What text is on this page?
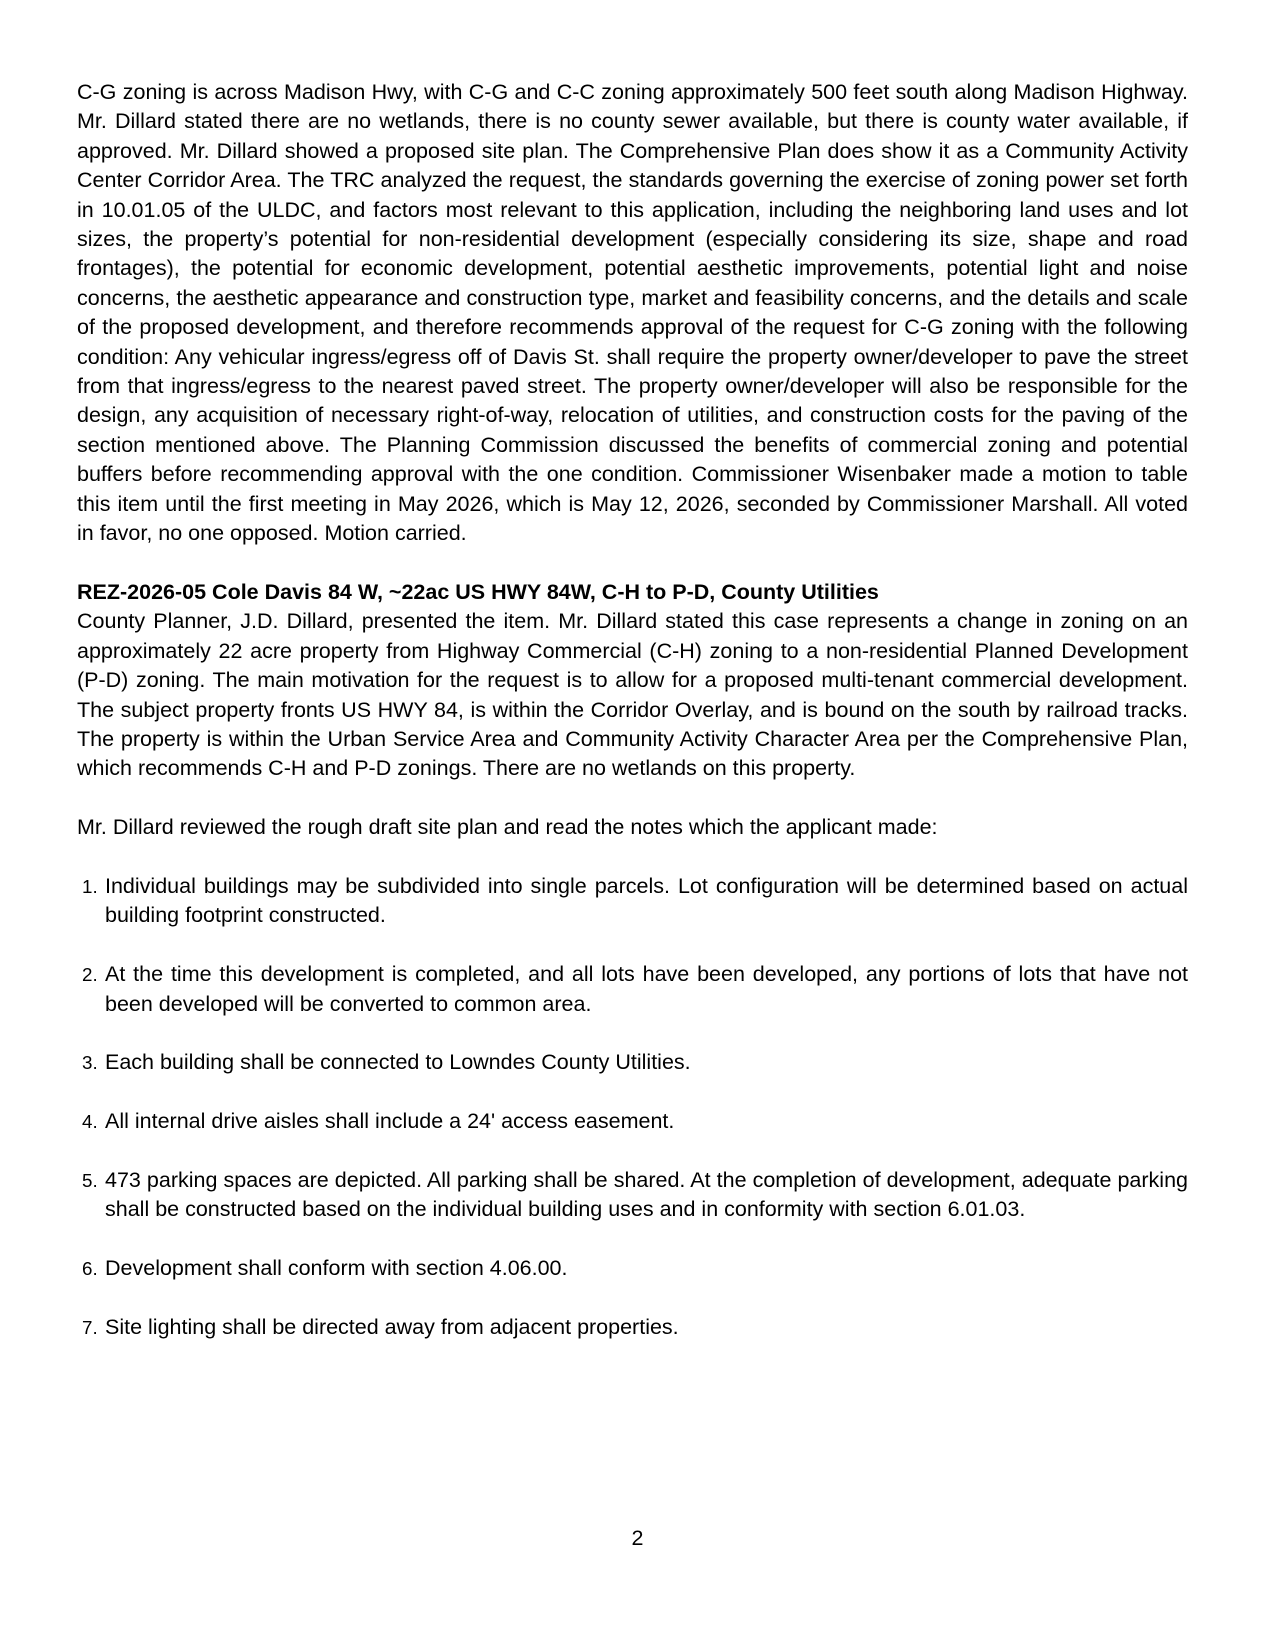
C-G zoning is across Madison Hwy, with C-G and C-C zoning approximately 500 feet south along Madison Highway. Mr. Dillard stated there are no wetlands, there is no county sewer available, but there is county water available, if approved. Mr. Dillard showed a proposed site plan. The Comprehensive Plan does show it as a Community Activity Center Corridor Area. The TRC analyzed the request, the standards governing the exercise of zoning power set forth in 10.01.05 of the ULDC, and factors most relevant to this application, including the neighboring land uses and lot sizes, the property’s potential for non-residential development (especially considering its size, shape and road frontages), the potential for economic development, potential aesthetic improvements, potential light and noise concerns, the aesthetic appearance and construction type, market and feasibility concerns, and the details and scale of the proposed development, and therefore recommends approval of the request for C-G zoning with the following condition: Any vehicular ingress/egress off of Davis St. shall require the property owner/developer to pave the street from that ingress/egress to the nearest paved street. The property owner/developer will also be responsible for the design, any acquisition of necessary right-of-way, relocation of utilities, and construction costs for the paving of the section mentioned above. The Planning Commission discussed the benefits of commercial zoning and potential buffers before recommending approval with the one condition. Commissioner Wisenbaker made a motion to table this item until the first meeting in May 2026, which is May 12, 2026, seconded by Commissioner Marshall. All voted in favor, no one opposed. Motion carried.

REZ-2026-05 Cole Davis 84 W, ~22ac US HWY 84W, C-H to P-D, County Utilities

County Planner, J.D. Dillard, presented the item. Mr. Dillard stated this case represents a change in zoning on an approximately 22 acre property from Highway Commercial (C-H) zoning to a non-residential Planned Development (P-D) zoning. The main motivation for the request is to allow for a proposed multi-tenant commercial development. The subject property fronts US HWY 84, is within the Corridor Overlay, and is bound on the south by railroad tracks. The property is within the Urban Service Area and Community Activity Character Area per the Comprehensive Plan, which recommends C-H and P-D zonings. There are no wetlands on this property.

Mr. Dillard reviewed the rough draft site plan and read the notes which the applicant made:

1. Individual buildings may be subdivided into single parcels. Lot configuration will be determined based on actual building footprint constructed.
2. At the time this development is completed, and all lots have been developed, any portions of lots that have not been developed will be converted to common area.
3. Each building shall be connected to Lowndes County Utilities.
4. All internal drive aisles shall include a 24' access easement.
5. 473 parking spaces are depicted. All parking shall be shared. At the completion of development, adequate parking shall be constructed based on the individual building uses and in conformity with section 6.01.03.
6. Development shall conform with section 4.06.00.
7. Site lighting shall be directed away from adjacent properties.
2
